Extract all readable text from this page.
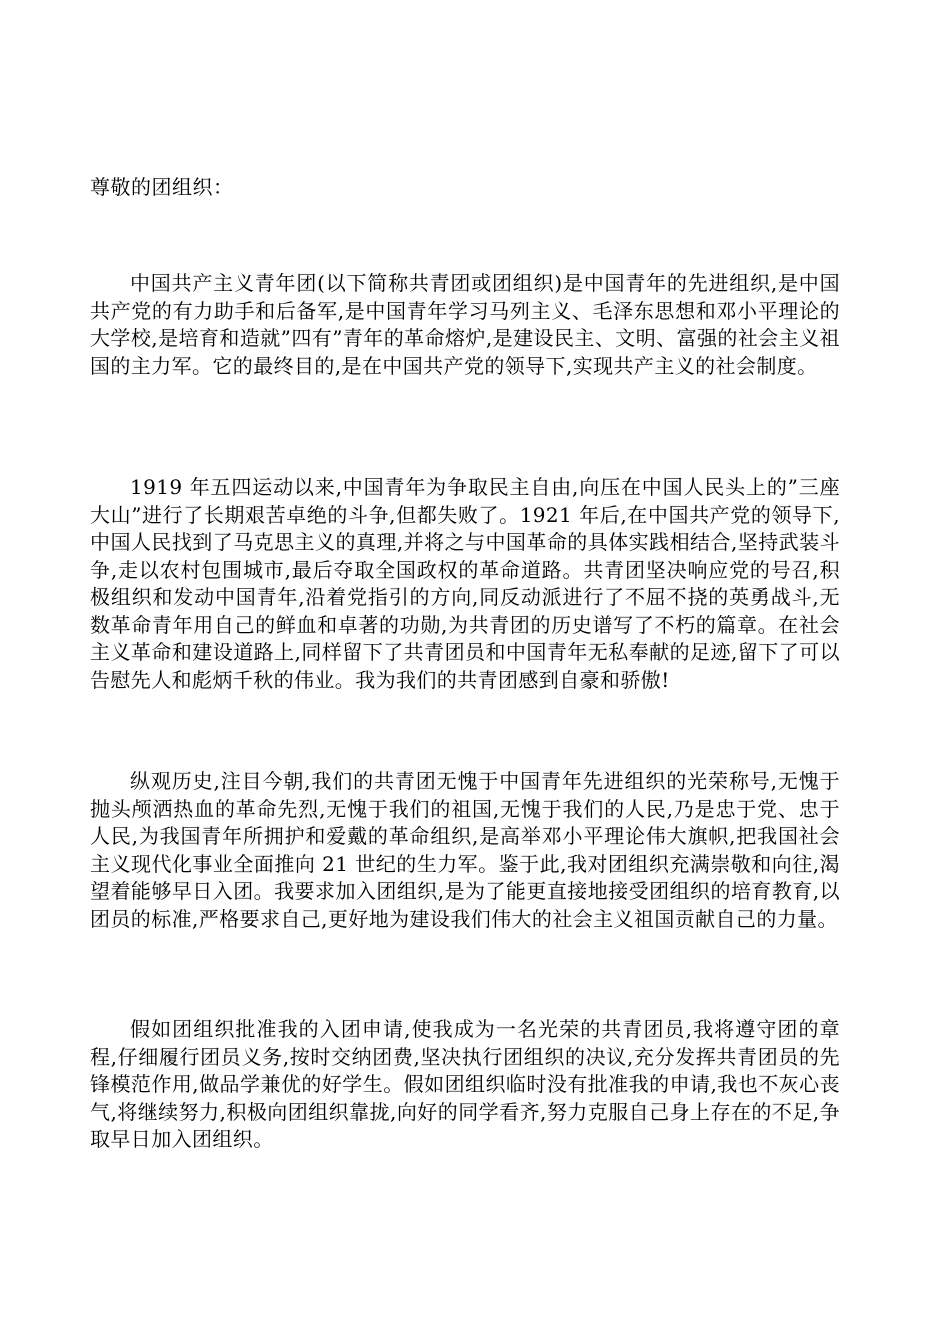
尊敬的团组织：

中国共产主义青年团(以下简称共青团或团组织)是中国青年的先进组织,是中国共产党的有力助手和后备军,是中国青年学习马列主义、毛泽东思想和邓小平理论的大学校,是培育和造就”四有”青年的革命熔炉,是建设民主、文明、富强的社会主义祖国的主力军。它的最终目的,是在中国共产党的领导下,实现共产主义的社会制度。

1919 年五四运动以来,中国青年为争取民主自由,向压在中国人民头上的”三座大山”进行了长期艰苦卓绝的斗争,但都失败了。1921 年后,在中国共产党的领导下,中国人民找到了马克思主义的真理,并将之与中国革命的具体实践相结合,坚持武装斗争,走以农村包围城市,最后夺取全国政权的革命道路。共青团坚决响应党的号召,积极组织和发动中国青年,沿着党指引的方向,同反动派进行了不屈不挠的英勇战斗,无数革命青年用自己的鲜血和卓著的功勋,为共青团的历史谱写了不朽的篇章。在社会主义革命和建设道路上,同样留下了共青团员和中国青年无私奉献的足迹,留下了可以告慰先人和彪炳千秋的伟业。我为我们的共青团感到自豪和骄傲!

纵观历史,注目今朝,我们的共青团无愧于中国青年先进组织的光荣称号,无愧于抛头颅洒热血的革命先烈,无愧于我们的祖国,无愧于我们的人民,乃是忠于党、忠于人民,为我国青年所拥护和爱戴的革命组织,是高举邓小平理论伟大旗帜,把我国社会主义现代化事业全面推向 21 世纪的生力军。鉴于此,我对团组织充满崇敬和向往,渴望着能够早日入团。我要求加入团组织,是为了能更直接地接受团组织的培育教育,以团员的标准,严格要求自己,更好地为建设我们伟大的社会主义祖国贡献自己的力量。

假如团组织批准我的入团申请,使我成为一名光荣的共青团员,我将遵守团的章程,仔细履行团员义务,按时交纳团费,坚决执行团组织的决议,充分发挥共青团员的先锋模范作用,做品学兼优的好学生。假如团组织临时没有批准我的申请,我也不灰心丧气,将继续努力,积极向团组织靠拢,向好的同学看齐,努力克服自己身上存在的不足,争取早日加入团组织。
